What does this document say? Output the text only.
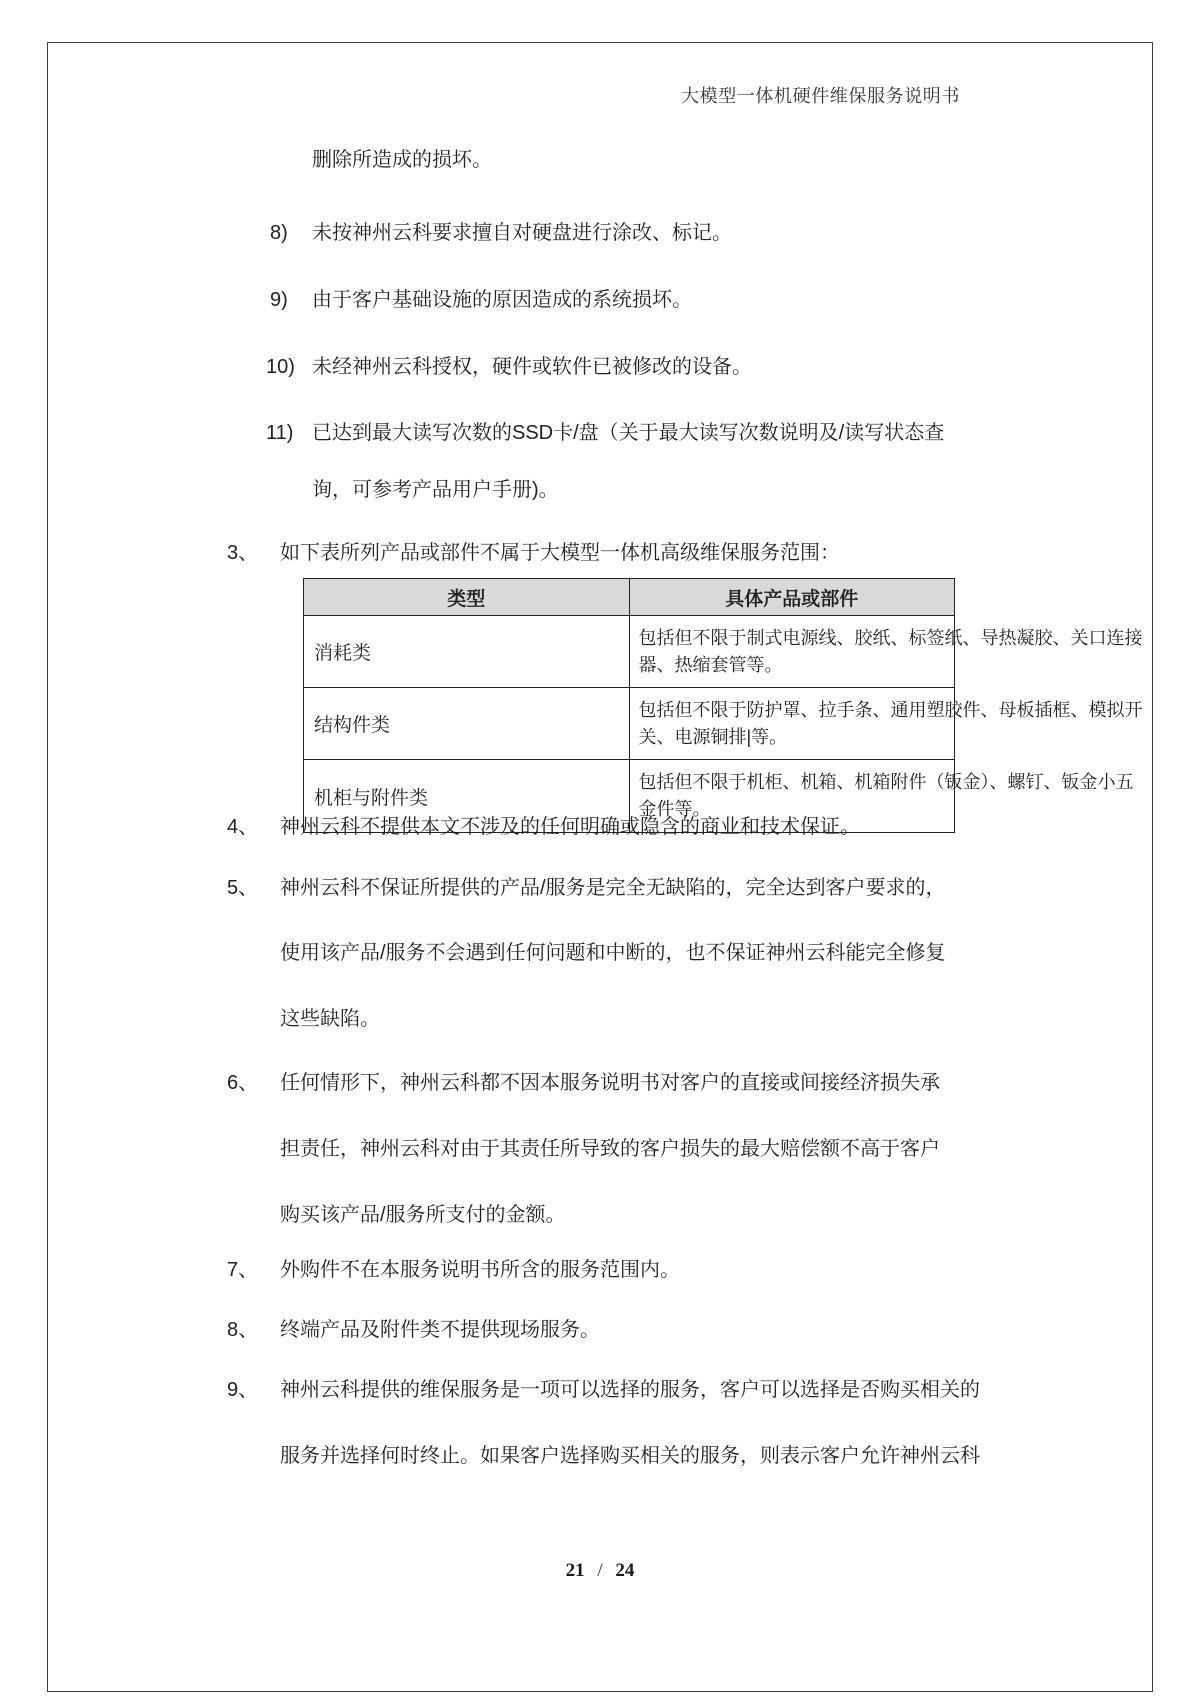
大模型一体机硬件维保服务说明书
删除所造成的损坏。
8) 未按神州云科要求擅自对硬盘进行涂改、标记。
9) 由于客户基础设施的原因造成的系统损坏。
10) 未经神州云科授权，硬件或软件已被修改的设备。
11) 已达到最大读写次数的SSD卡/盘（关于最大读写次数说明及/读写状态查
询，可参考产品用户手册)。
3、 如下表所列产品或部件不属于大模型一体机高级维保服务范围：
类型	具体产品或部件
消耗类	包括但不限于制式电源线、胶纸、标签纸、导热凝胶、关口连接
器、热缩套管等。

结构件类	包括但不限于防护罩、拉手条、通用塑胶件、母板插框、模拟开
关、电源铜排|等。

机柜与附件类	包括但不限于机柜、机箱、机箱附件（钣金）、螺钉、钣金小五
金件等。
4、 神州云科不提供本文不涉及的任何明确或隐含的商业和技术保证。
5、 神州云科不保证所提供的产品/服务是完全无缺陷的，完全达到客户要求的，
使用该产品/服务不会遇到任何问题和中断的，也不保证神州云科能完全修复
这些缺陷。
6、 任何情形下，神州云科都不因本服务说明书对客户的直接或间接经济损失承
担责任，神州云科对由于其责任所导致的客户损失的最大赔偿额不高于客户
购买该产品/服务所支付的金额。
7、 外购件不在本服务说明书所含的服务范围内。
8、 终端产品及附件类不提供现场服务。
9、 神州云科提供的维保服务是一项可以选择的服务，客户可以选择是否购买相关的
服务并选择何时终止。如果客户选择购买相关的服务，则表示客户允许神州云科
21 / 24
